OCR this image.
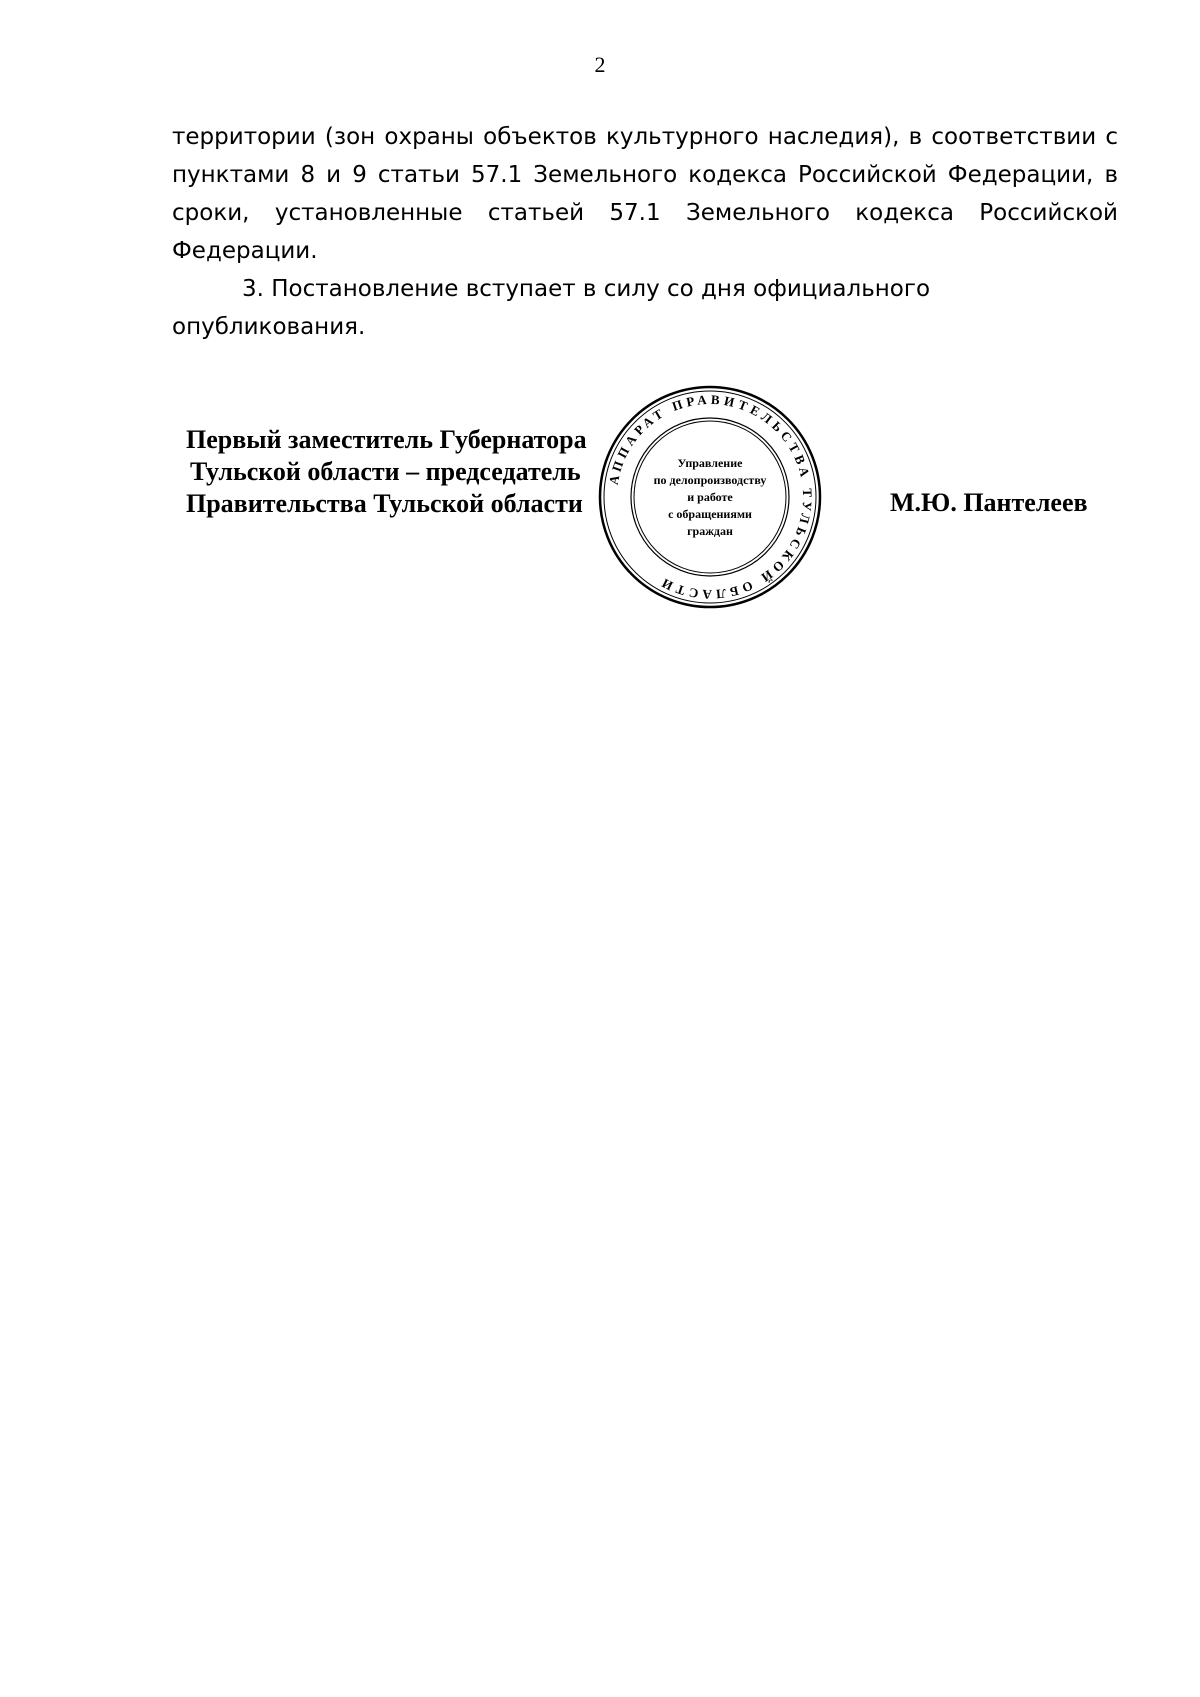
2

территории (зон охраны объектов культурного наследия), в соответствии с пунктами 8 и 9 статьи 57.1 Земельного кодекса Российской Федерации, в сроки, установленные статьей 57.1 Земельного кодекса Российской Федерации.

3. Постановление вступает в силу со дня официального опубликования.

Первый заместитель Губернатора
Тульской области – председатель
Правительства Тульской области	М.Ю. Пантелеев
АППАРАТ ПРАВИТЕЛЬСТВА ТУЛЬСКОЙ ОБЛАСТИ
Управление
по делопроизводству
и работе
с обращениями
граждан
